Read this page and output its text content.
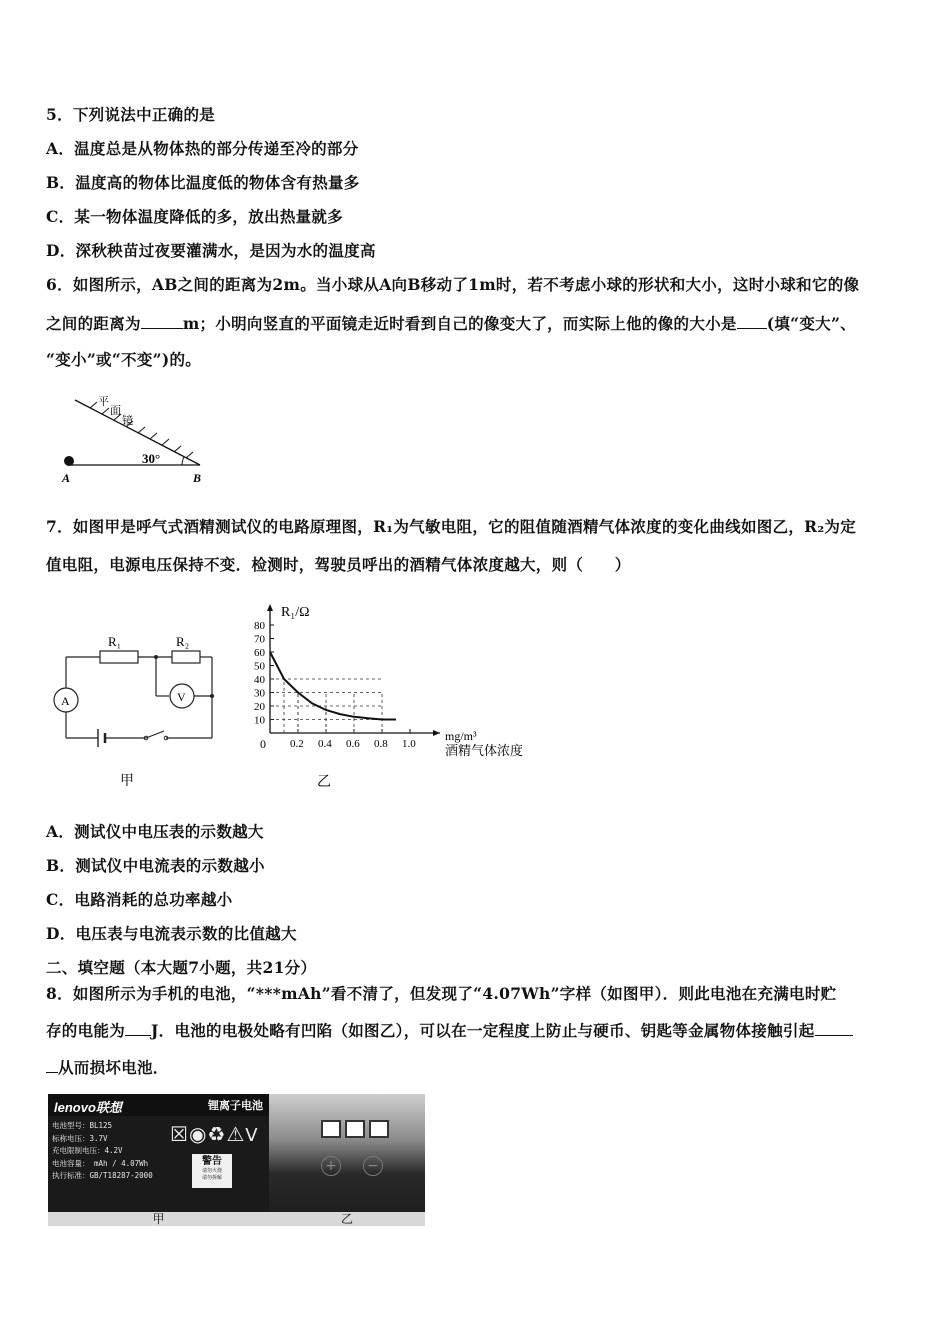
5．下列说法中正确的是
A．温度总是从物体热的部分传递至冷的部分
B．温度高的物体比温度低的物体含有热量多
C．某一物体温度降低的多，放出热量就多
D．深秋秧苗过夜要灌满水，是因为水的温度高
6．如图所示，AB之间的距离为2m。当小球从A向B移动了1m时，若不考虑小球的形状和大小，这时小球和它的像
之间的距离为	m；小明向竖直的平面镜走近时看到自己的像变大了，而实际上他的像的大小是 (填“变大”、
“变小”或“不变”)的。
平
面
镜
30°
A	B
7．如图甲是呼气式酒精测试仪的电路原理图，R₁为气敏电阻，它的阻值随酒精气体浓度的变化曲线如图乙，R₂为定
值电阻，电源电压保持不变．检测时，驾驶员呼出的酒精气体浓度越大，则（　　）
R₁	R₂
A	V
甲
10
20
30
40
50
60
70
80
0.2 0.4 0.6 0.8 1.0
R₁/Ω
mg/m³
酒精气体浓度
0
乙
A．测试仪中电压表的示数越大
B．测试仪中电流表的示数越小
C．电路消耗的总功率越小
D．电压表与电流表示数的比值越大
二、填空题（本大题7小题，共21分）
8．如图所示为手机的电池，“***mAh”看不清了，但发现了“4.07Wh”字样（如图甲）．则此电池在充满电时贮
存的电能为 J．电池的电极处略有凹陷（如图乙），可以在一定程度上防止与硬币、钥匙等金属物体接触引起
从而损坏电池．
lenovo联想	锂离子电池
电池型号：BL125
标称电压：3.7V
充电限制电压：4.2V
电池容量： mAh / 4.07Wh
执行标准：GB/T18287-2000
☒◉♻⚠V
警告
请勿火烧
请勿拆解
甲
+ −
乙
